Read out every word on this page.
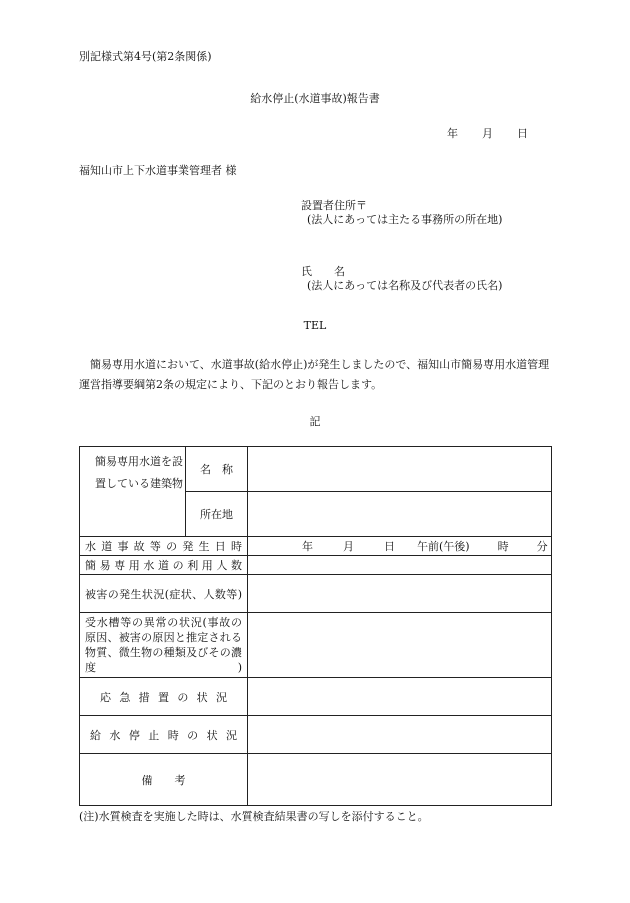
別記様式第4号(第2条関係)
給水停止(水道事故)報告書
年 月 日
福知山市上下水道事業管理者 様
設置者住所〒
(法人にあっては主たる事務所の所在地)
氏　　名
(法人にあっては名称及び代表者の氏名)
TEL
簡易専用水道において、水道事故(給水停止)が発生しましたので、福知山市簡易専用水道管理運営指導要綱第2条の規定により、下記のとおり報告します。
記
簡易専用水道を設置している建築物	名　称	
	所在地	
水道事故等の発生日時		年 月 日 午前(午後) 時 分
簡易専用水道の利用人数		
被害の発生状況(症状、人数等)		
受水槽等の異常の状況(事故の原因、被害の原因と推定される物質、微生物の種類及びその濃度)		
応急措置の状況		
給水停止時の状況		
備　　考		
(注)水質検査を実施した時は、水質検査結果書の写しを添付すること。
